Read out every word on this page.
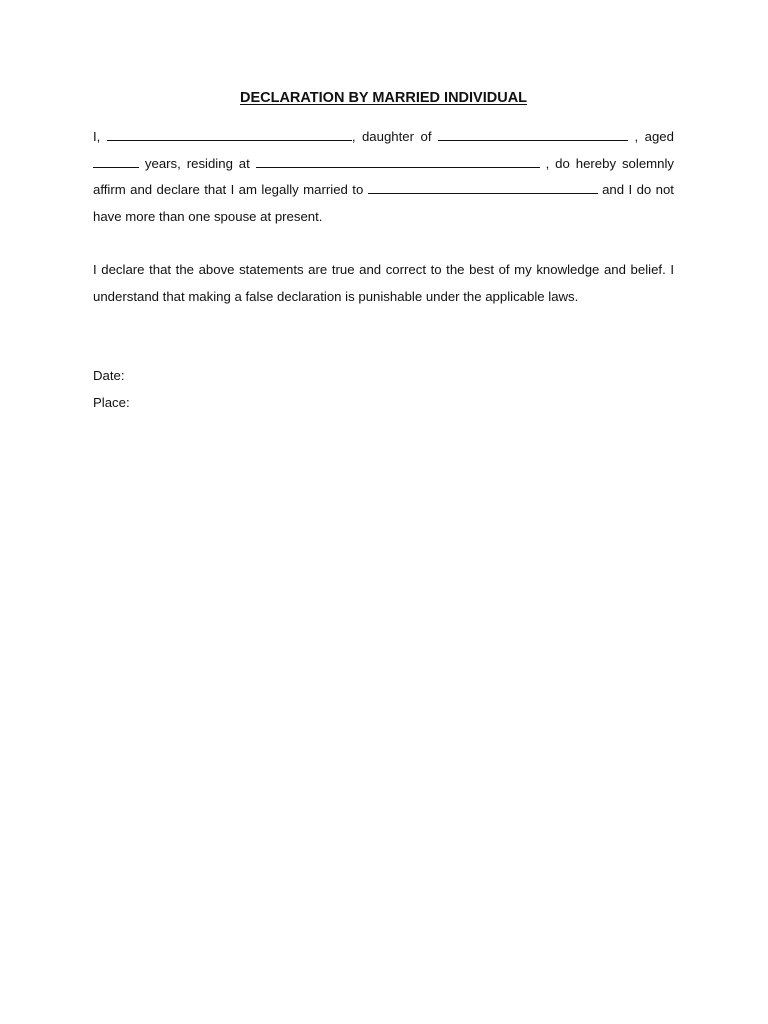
DECLARATION BY MARRIED INDIVIDUAL

I,	, daughter of	, aged  years, residing at	, do hereby solemnly affirm and declare that I am legally married to	and I do not have more than one spouse at present.

I declare that the above statements are true and correct to the best of my knowledge and belief. I understand that making a false declaration is punishable under the applicable laws.

Date:
Place:
